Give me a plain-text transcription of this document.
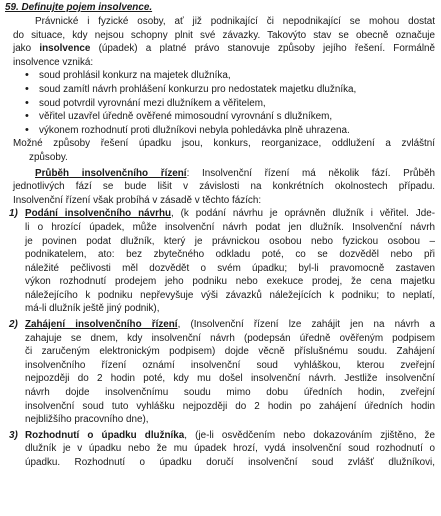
59. Definujte pojem insolvence.

Právnické i fyzické osoby, ať již podnikající či nepodnikající se mohou dostat

do situace, kdy nejsou schopny plnit své závazky. Takovýto stav se obecně označuje

jako insolvence (úpadek) a platné právo stanovuje způsoby jejího řešení. Formálně

insolvence vzniká:

• soud prohlásil konkurz na majetek dlužníka,
• soud zamítl návrh prohlášení konkurzu pro nedostatek majetku dlužníka,
• soud potvrdil vyrovnání mezi dlužníkem a věřitelem,
• věřitel uzavřel úředně ověřené mimosoudní vyrovnání s dlužníkem,
• výkonem rozhodnutí proti dlužníkovi nebyla pohledávka plně uhrazena.

Možné způsoby řešení úpadku jsou, konkurs, reorganizace, oddlužení a zvláštní

způsoby.

Průběh insolvenčního řízení: Insolvenční řízení má několik fází. Průběh

jednotlivých fází se bude lišit v závislosti na konkrétních okolnostech případu.

Insolvenční řízení však probíhá v zásadě v těchto fázích:

1) Podání insolvenčního návrhu, (k podání návrhu je oprávněn dlužník i věřitel. Jde-

li o hrozící úpadek, může insolvenční návrh podat jen dlužník. Insolvenční návrh

je povinen podat dlužník, který je právnickou osobou nebo fyzickou osobou –

podnikatelem, ato: bez zbytečného odkladu poté, co se dozvěděl nebo při

náležité pečlivosti měl dozvědět o svém úpadku; byl-li pravomocně zastaven

výkon rozhodnutí prodejem jeho podniku nebo exekuce prodej, že cena majetku

náležejícího k podniku nepřevyšuje výši závazků náležejících k podniku; to neplatí,

má-li dlužník ještě jiný podnik),

2) Zahájení insolvenčního řízení, (Insolvenční řízení lze zahájit jen na návrh a

zahajuje se dnem, kdy insolvenční návrh (podepsán úředně ověřeným podpisem

či zaručeným elektronickým podpisem) dojde věcně příslušnému soudu. Zahájení

insolvenčního řízení oznámí insolvenční soud vyhláškou, kterou zveřejní

nejpozději do 2 hodin poté, kdy mu došel insolvenční návrh. Jestliže insolvenční

návrh dojde insolvenčnímu soudu mimo dobu úředních hodin, zveřejní

insolvenční soud tuto vyhlášku nejpozději do 2 hodin po zahájení úředních hodin

nejbližšího pracovního dne),

3) Rozhodnutí o úpadku dlužníka, (je-li osvědčením nebo dokazováním zjištěno, že

dlužník je v úpadku nebo že mu úpadek hrozí, vydá insolvenční soud rozhodnutí o

úpadku. Rozhodnutí o úpadku doručí insolvenční soud zvlášť dlužníkovi,
